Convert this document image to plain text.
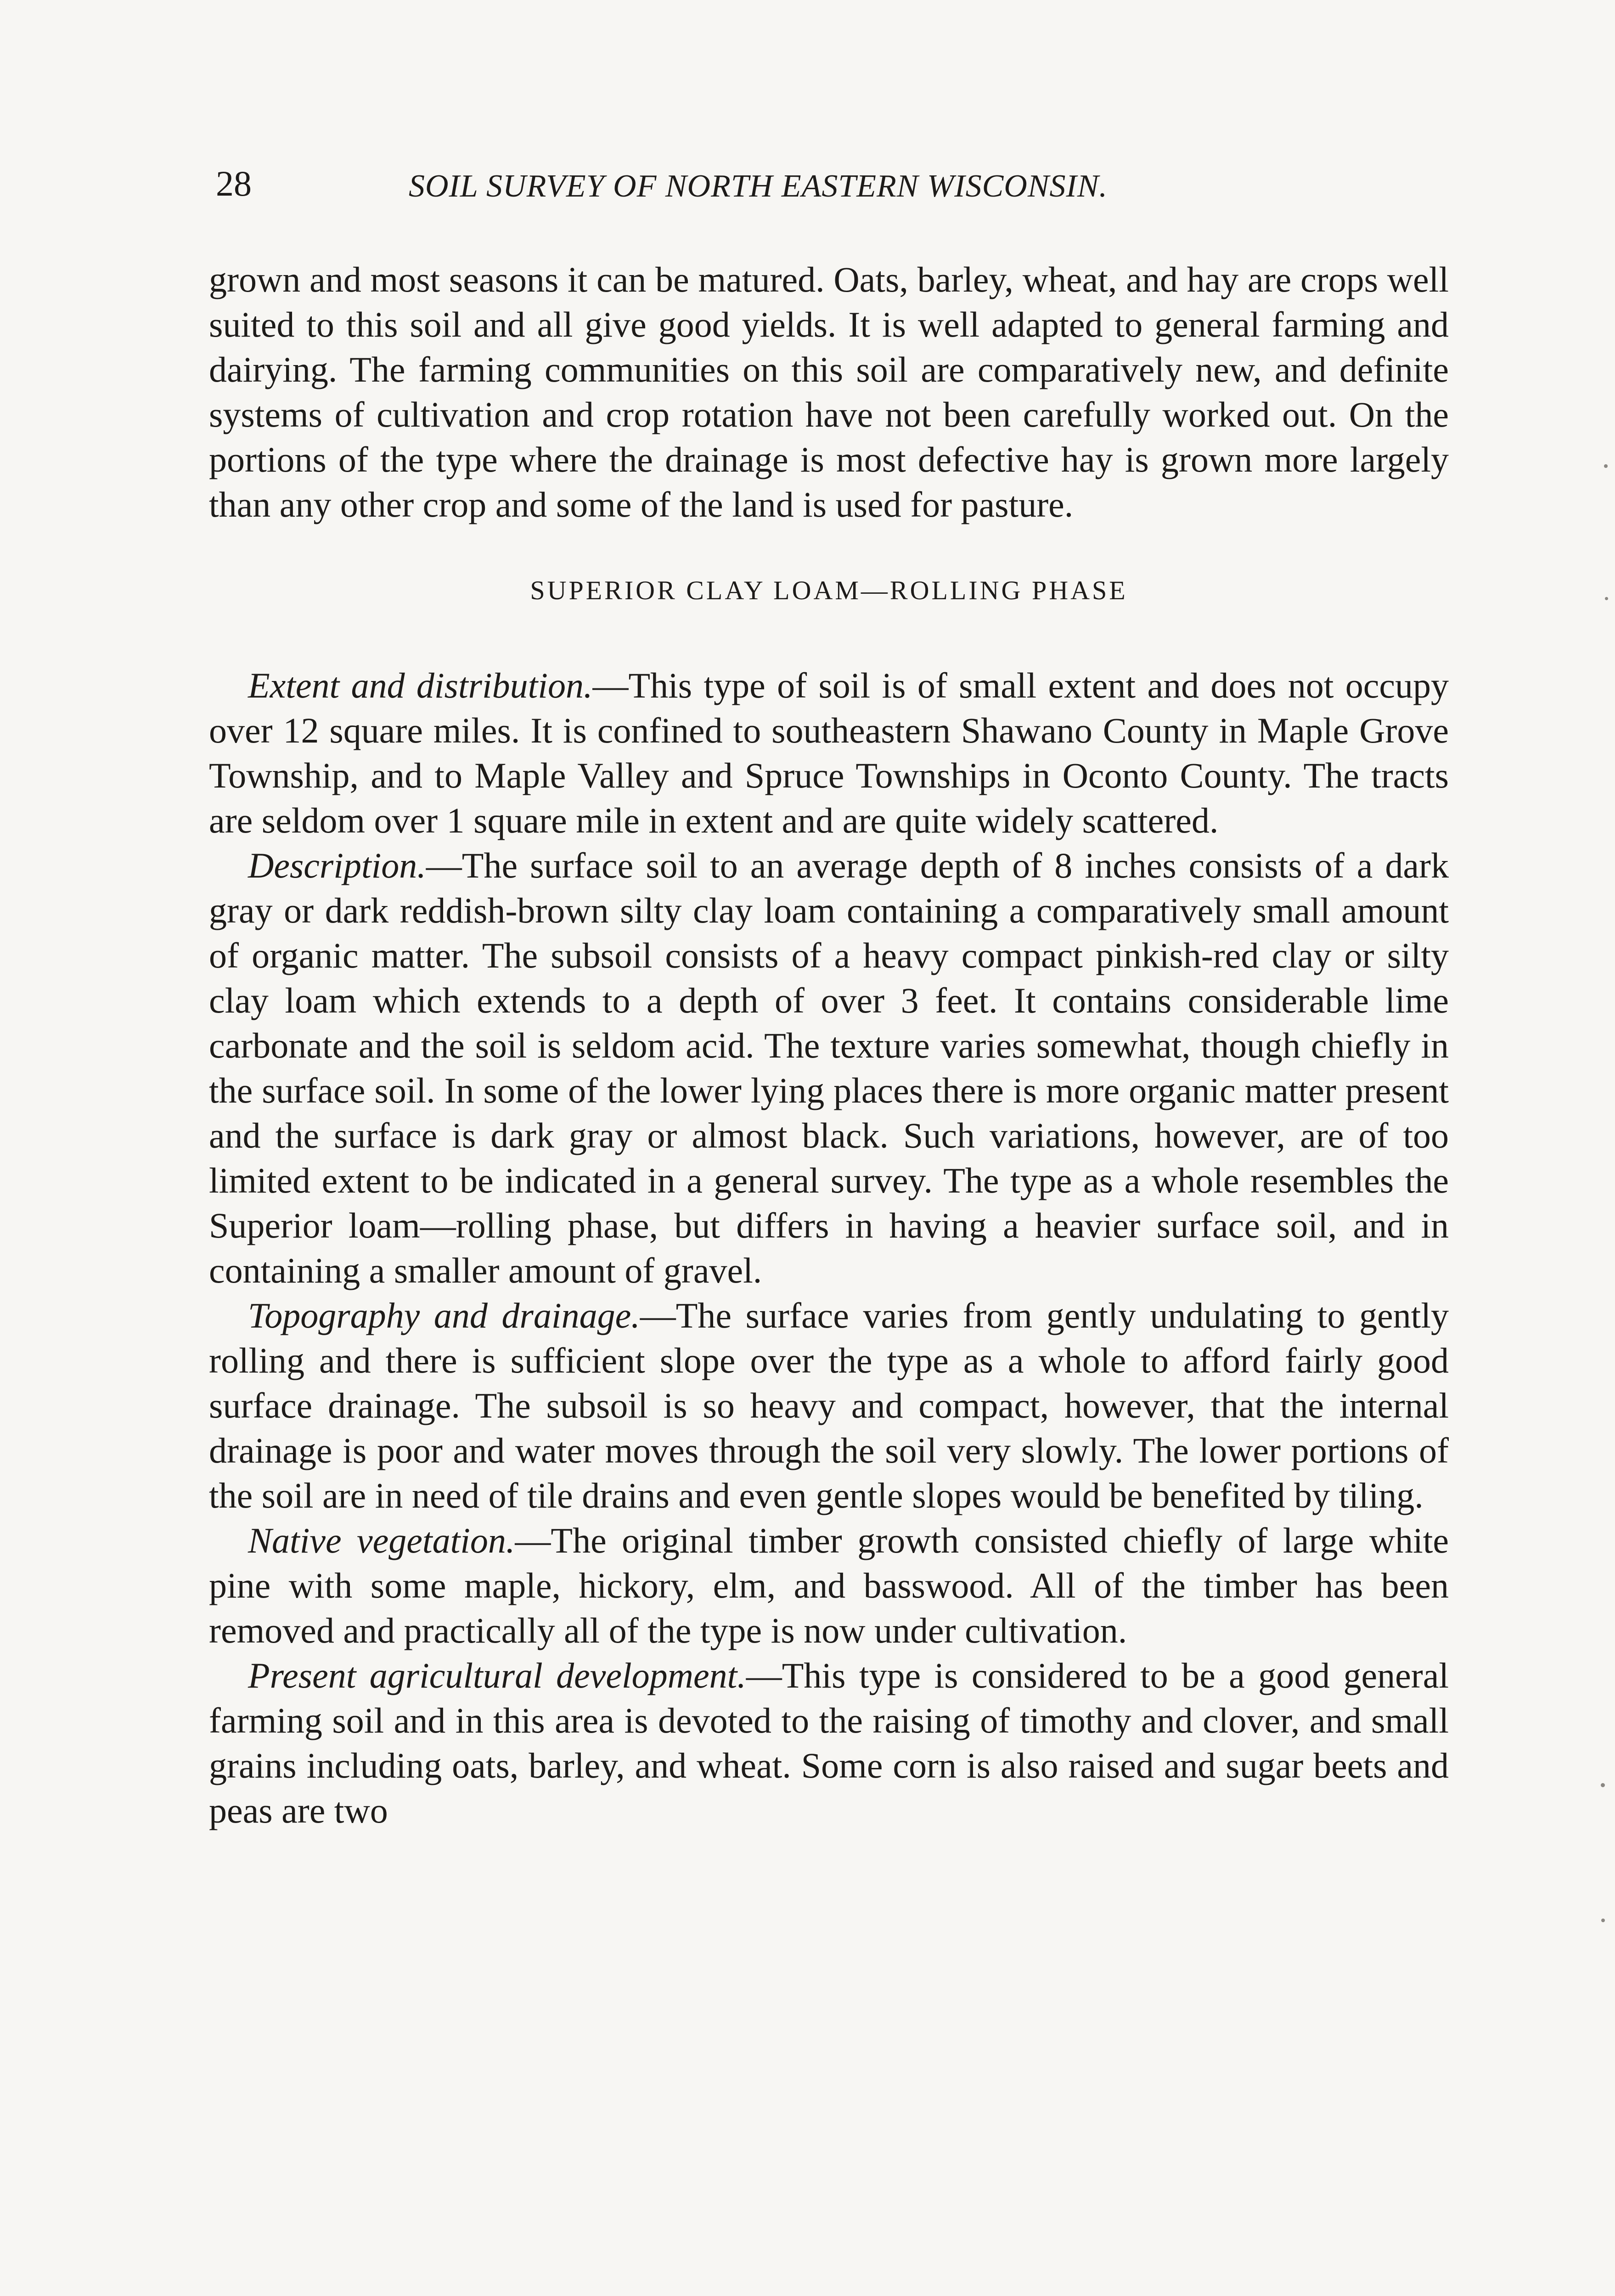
28	SOIL SURVEY OF NORTH EASTERN WISCONSIN.

grown and most seasons it can be matured. Oats, barley, wheat, and hay are crops well suited to this soil and all give good yields. It is well adapted to general farming and dairying. The farming communities on this soil are comparatively new, and definite systems of cultivation and crop rotation have not been carefully worked out. On the portions of the type where the drainage is most defective hay is grown more largely than any other crop and some of the land is used for pasture.

SUPERIOR CLAY LOAM—ROLLING PHASE

Extent and distribution.—This type of soil is of small extent and does not occupy over 12 square miles. It is confined to southeastern Shawano County in Maple Grove Township, and to Maple Valley and Spruce Townships in Oconto County. The tracts are seldom over 1 square mile in extent and are quite widely scattered.

Description.—The surface soil to an average depth of 8 inches consists of a dark gray or dark reddish-brown silty clay loam containing a comparatively small amount of organic matter. The subsoil consists of a heavy compact pinkish-red clay or silty clay loam which extends to a depth of over 3 feet. It contains considerable lime carbonate and the soil is seldom acid. The texture varies somewhat, though chiefly in the surface soil. In some of the lower lying places there is more organic matter present and the surface is dark gray or almost black. Such variations, however, are of too limited extent to be indicated in a general survey. The type as a whole resembles the Superior loam—rolling phase, but differs in having a heavier surface soil, and in containing a smaller amount of gravel.

Topography and drainage.—The surface varies from gently undulating to gently rolling and there is sufficient slope over the type as a whole to afford fairly good surface drainage. The subsoil is so heavy and compact, however, that the internal drainage is poor and water moves through the soil very slowly. The lower portions of the soil are in need of tile drains and even gentle slopes would be benefited by tiling.

Native vegetation.—The original timber growth consisted chiefly of large white pine with some maple, hickory, elm, and basswood. All of the timber has been removed and practically all of the type is now under cultivation.

Present agricultural development.—This type is considered to be a good general farming soil and in this area is devoted to the raising of timothy and clover, and small grains including oats, barley, and wheat. Some corn is also raised and sugar beets and peas are two
